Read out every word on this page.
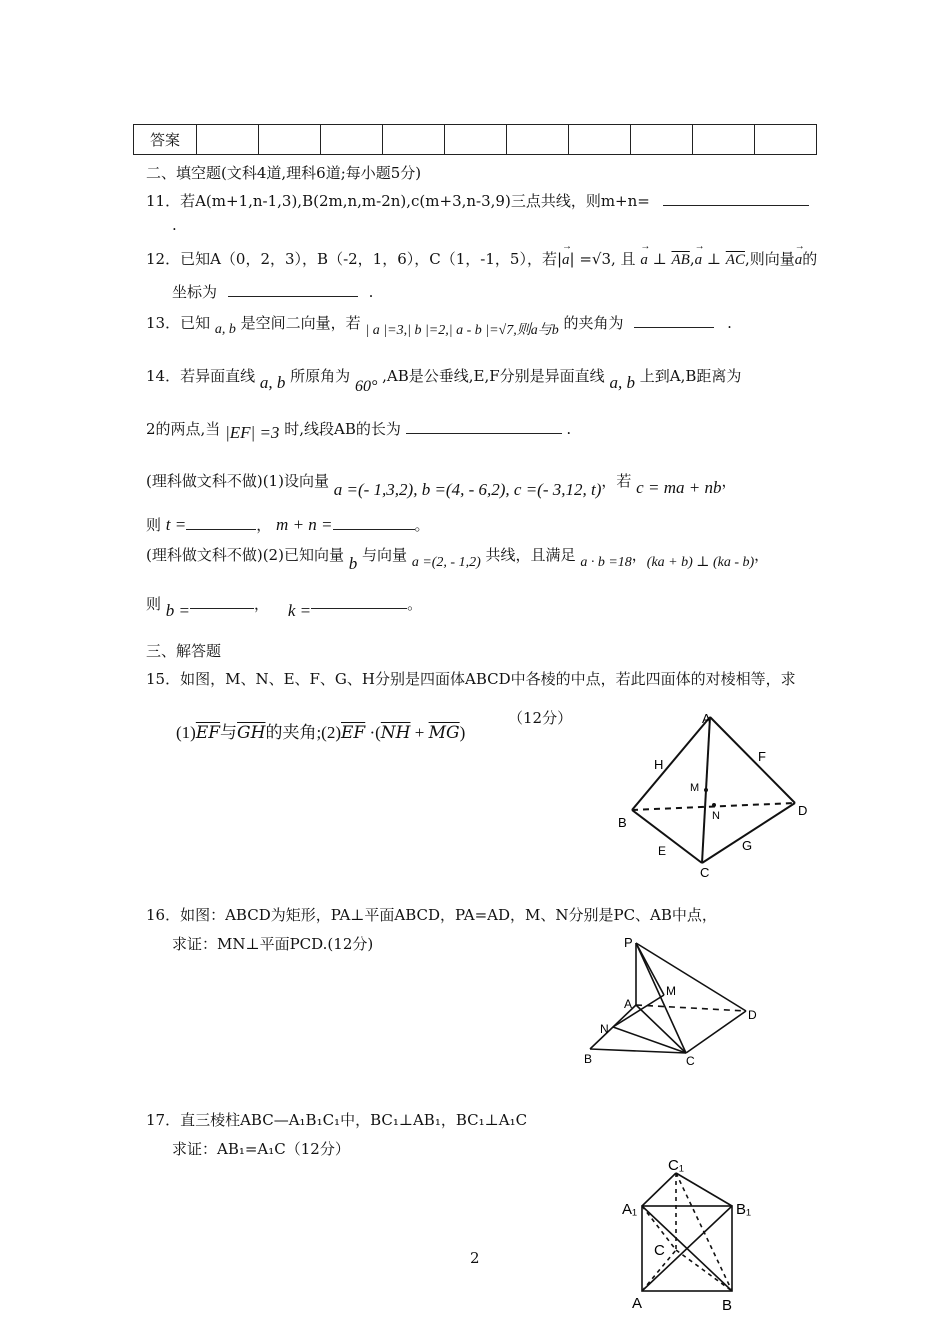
答案										
二、填空题(文科4道,理科6道;每小题5分)
11．若A(m+1,n-1,3),B(2m,n,m-2n),c(m+3,n-3,9)三点共线，则m+n=
.
12．已知A（0，2，3），B（-2，1，6），C（1，-1，5），若|→ a| =√3, 且 → a ⊥ $\overline{AB},\to a$ ⊥ $\overline{AC}$,则向量→ a的
坐标为	.
13．已知 a, b 是空间二向量，若 | a |=3,| b |=2,| a - b |=√7,则a与b 的夹角为	.
14．若异面直线 a, b 所原角为 60° ,AB是公垂线,E,F分别是异面直线 a, b 上到A,B距离为
2的两点,当 |EF| =3 时,线段AB的长为	.
(理科做文科不做)(1)设向量 a =(- 1,3,2), b =(4, - 6,2), c =(- 3,12, t)，若 c = ma + nb，
则 t =	， m + n =	。
(理科做文科不做)(2)已知向量 b 与向量 a =(2, - 1,2) 共线，且满足 a · b =18，(ka + b) ⊥ (ka - b)，
则 b =	， k =	。
三、解答题
15．如图，M、N、E、F、G、H分别是四面体ABCD中各棱的中点，若此四面体的对棱相等，求
$(1)\overline{EF}$与$\overline{GH}$的夹角$;(2)\overline{EF} \cdot(\overline{NH} + \overline{MG})$
（12分）	A
B
C
D
E
F
G
H
M
N
16．如图：ABCD为矩形，PA⊥平面ABCD，PA=AD，M、N分别是PC、AB中点，
求证：MN⊥平面PCD.(12分)	P
A
M
N
D
B	C
17．直三棱柱ABC—A₁B₁C₁中，BC₁⊥AB₁，BC₁⊥A₁C
求证：AB₁=A₁C（12分）
C₁
A₁	B₁
C
A	B
2
